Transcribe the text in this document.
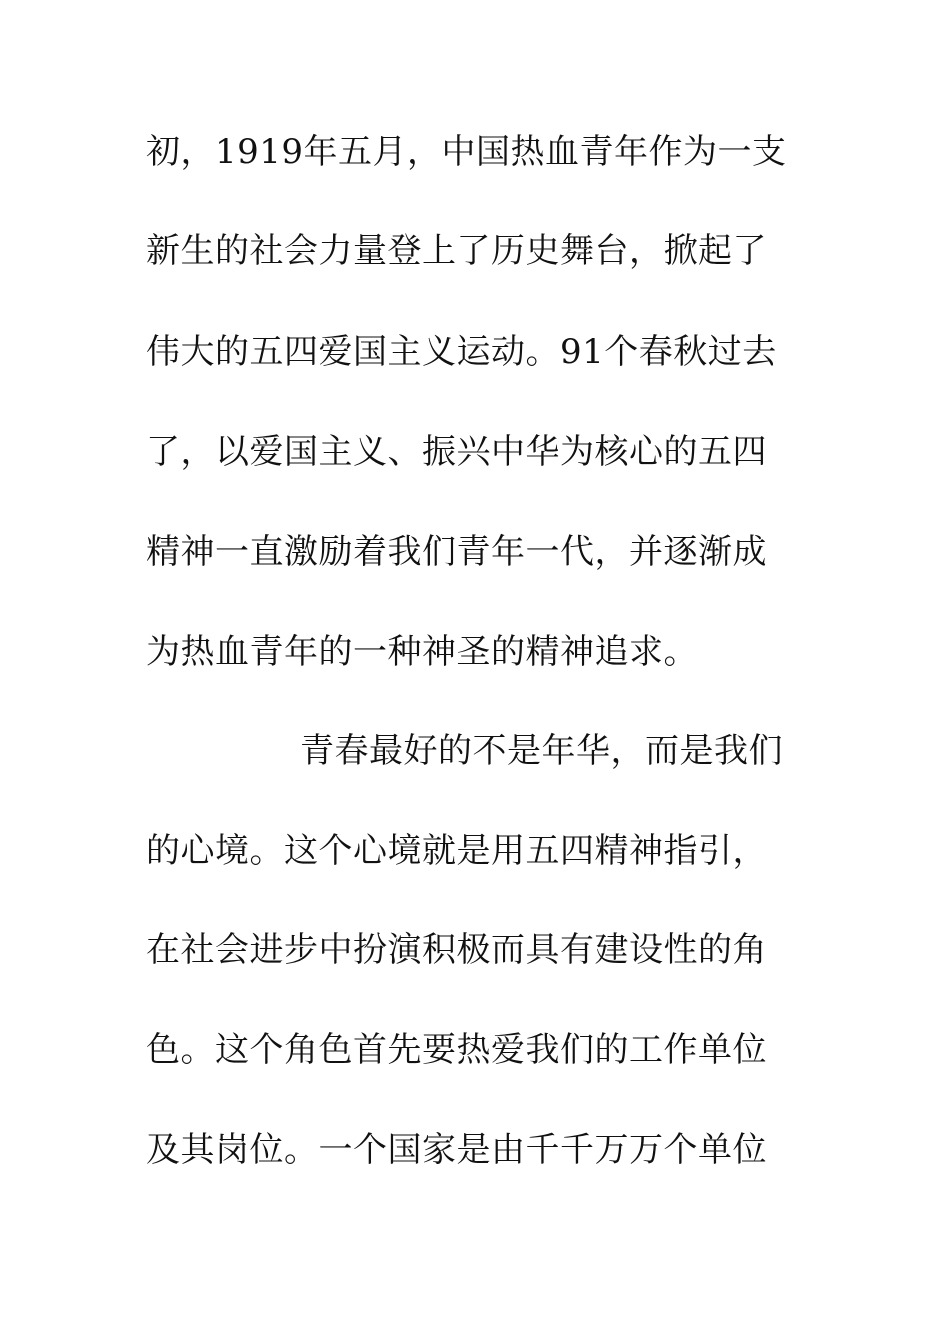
初，1919年五月，中国热血青年作为一支
新生的社会力量登上了历史舞台，掀起了
伟大的五四爱国主义运动。91个春秋过去
了，以爱国主义、振兴中华为核心的五四
精神一直激励着我们青年一代，并逐渐成
为热血青年的一种神圣的精神追求。
青春最好的不是年华，而是我们
的心境。这个心境就是用五四精神指引，
在社会进步中扮演积极而具有建设性的角
色。这个角色首先要热爱我们的工作单位
及其岗位。一个国家是由千千万万个单位
